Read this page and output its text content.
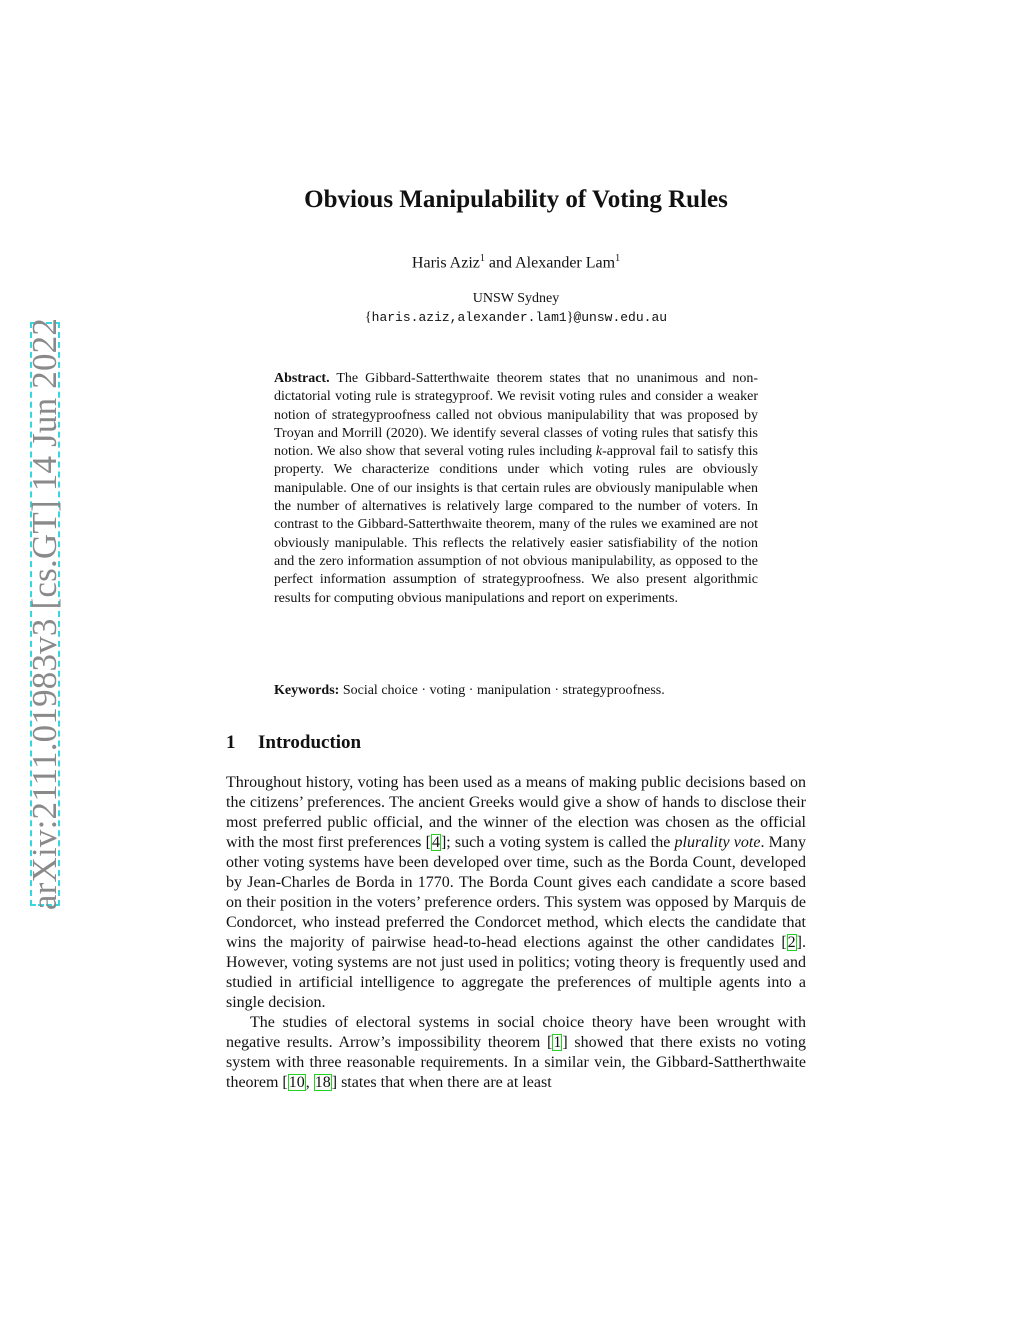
arXiv:2111.01983v3 [cs.GT] 14 Jun 2022
Obvious Manipulability of Voting Rules
Haris Aziz$^1$ and Alexander Lam$^1$
UNSW Sydney
{haris.aziz,alexander.lam1}@unsw.edu.au

Abstract. The Gibbard-Satterthwaite theorem states that no unanimous and non-dictatorial voting rule is strategyproof. We revisit voting rules and consider a weaker notion of strategyproofness called not obvious manipulability that was proposed by Troyan and Morrill (2020). We identify several classes of voting rules that satisfy this notion. We also show that several voting rules including k-approval fail to satisfy this property. We characterize conditions under which voting rules are obviously manipulable. One of our insights is that certain rules are obviously manipulable when the number of alternatives is relatively large compared to the number of voters. In contrast to the Gibbard-Satterthwaite theorem, many of the rules we examined are not obviously manipulable. This reflects the relatively easier satisfiability of the notion and the zero information assumption of not obvious manipulability, as opposed to the perfect information assumption of strategyproofness. We also present algorithmic results for computing obvious manipulations and report on experiments.

Keywords: Social choice · voting · manipulation · strategyproofness.

1 Introduction

Throughout history, voting has been used as a means of making public decisions based on the citizens’ preferences. The ancient Greeks would give a show of hands to disclose their most preferred public official, and the winner of the election was chosen as the official with the most first preferences [4]; such a voting system is called the plurality vote. Many other voting systems have been developed over time, such as the Borda Count, developed by Jean-Charles de Borda in 1770. The Borda Count gives each candidate a score based on their position in the voters’ preference orders. This system was opposed by Marquis de Condorcet, who instead preferred the Condorcet method, which elects the candidate that wins the majority of pairwise head-to-head elections against the other candidates [2]. However, voting systems are not just used in politics; voting theory is frequently used and studied in artificial intelligence to aggregate the preferences of multiple agents into a single decision.

The studies of electoral systems in social choice theory have been wrought with negative results. Arrow’s impossibility theorem [1] showed that there exists no voting system with three reasonable requirements. In a similar vein, the Gibbard-Sattherthwaite theorem [10, 18] states that when there are at least
